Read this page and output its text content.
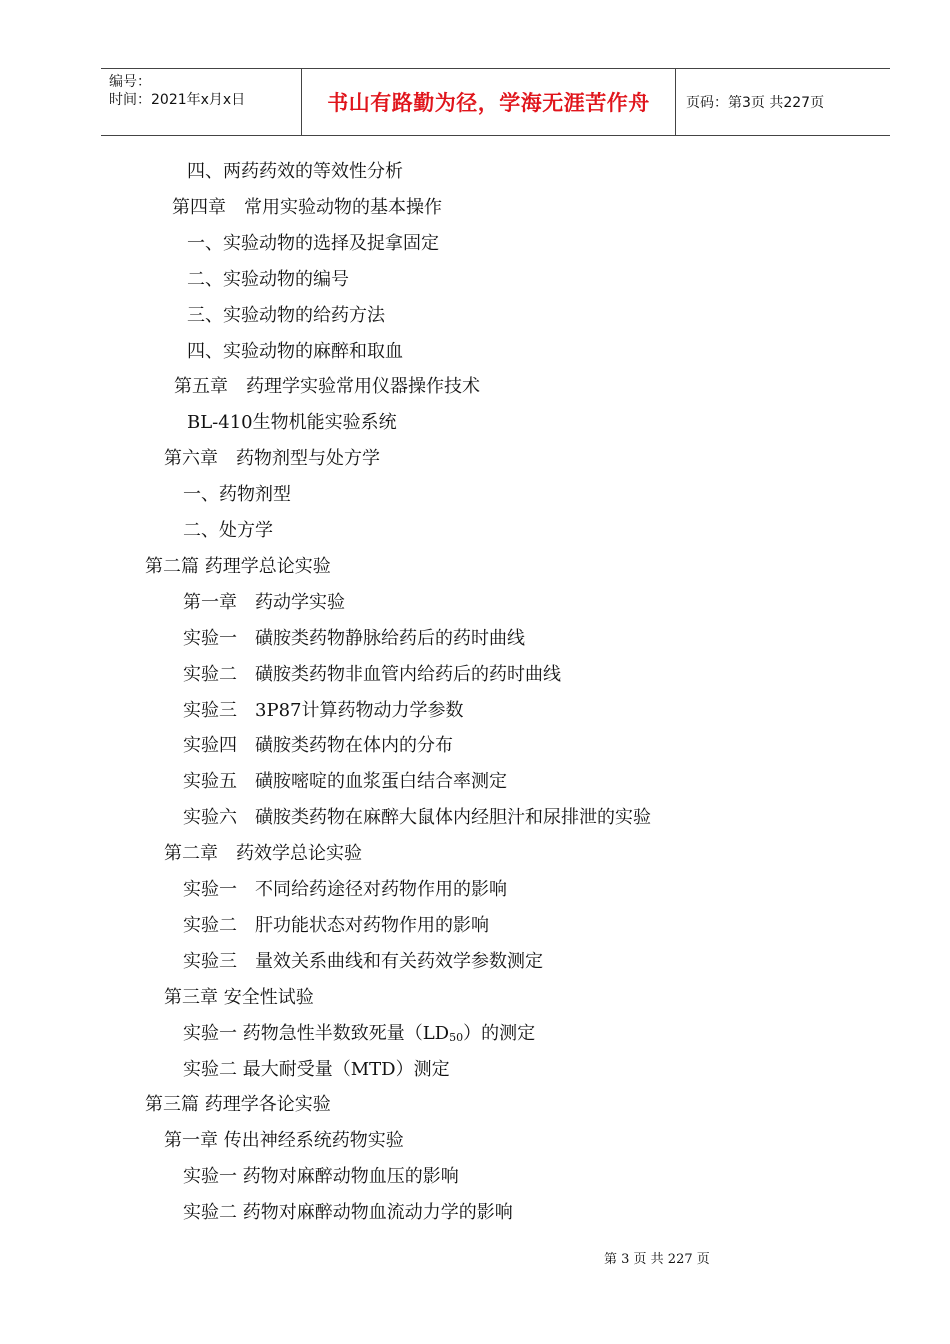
编号：
时间：2021年x月x日	书山有路勤为径，学海无涯苦作舟	页码：第3页 共227页
四、两药药效的等效性分析
第四章　常用实验动物的基本操作
一、实验动物的选择及捉拿固定
二、实验动物的编号
三、实验动物的给药方法
四、实验动物的麻醉和取血
第五章　药理学实验常用仪器操作技术
BL-410生物机能实验系统
第六章　药物剂型与处方学
一、药物剂型
二、处方学
第二篇 药理学总论实验
第一章　药动学实验
实验一　磺胺类药物静脉给药后的药时曲线
实验二　磺胺类药物非血管内给药后的药时曲线
实验三　3P87计算药物动力学参数
实验四　磺胺类药物在体内的分布
实验五　磺胺嘧啶的血浆蛋白结合率测定
实验六　磺胺类药物在麻醉大鼠体内经胆汁和尿排泄的实验
第二章　药效学总论实验
实验一　不同给药途径对药物作用的影响
实验二　肝功能状态对药物作用的影响
实验三　量效关系曲线和有关药效学参数测定
第三章 安全性试验
实验一 药物急性半数致死量$(LD_{50})$的测定
实验二 最大耐受量（MTD）测定
第三篇 药理学各论实验
第一章 传出神经系统药物实验
实验一 药物对麻醉动物血压的影响
实验二 药物对麻醉动物血流动力学的影响
第 3 页 共 227 页
